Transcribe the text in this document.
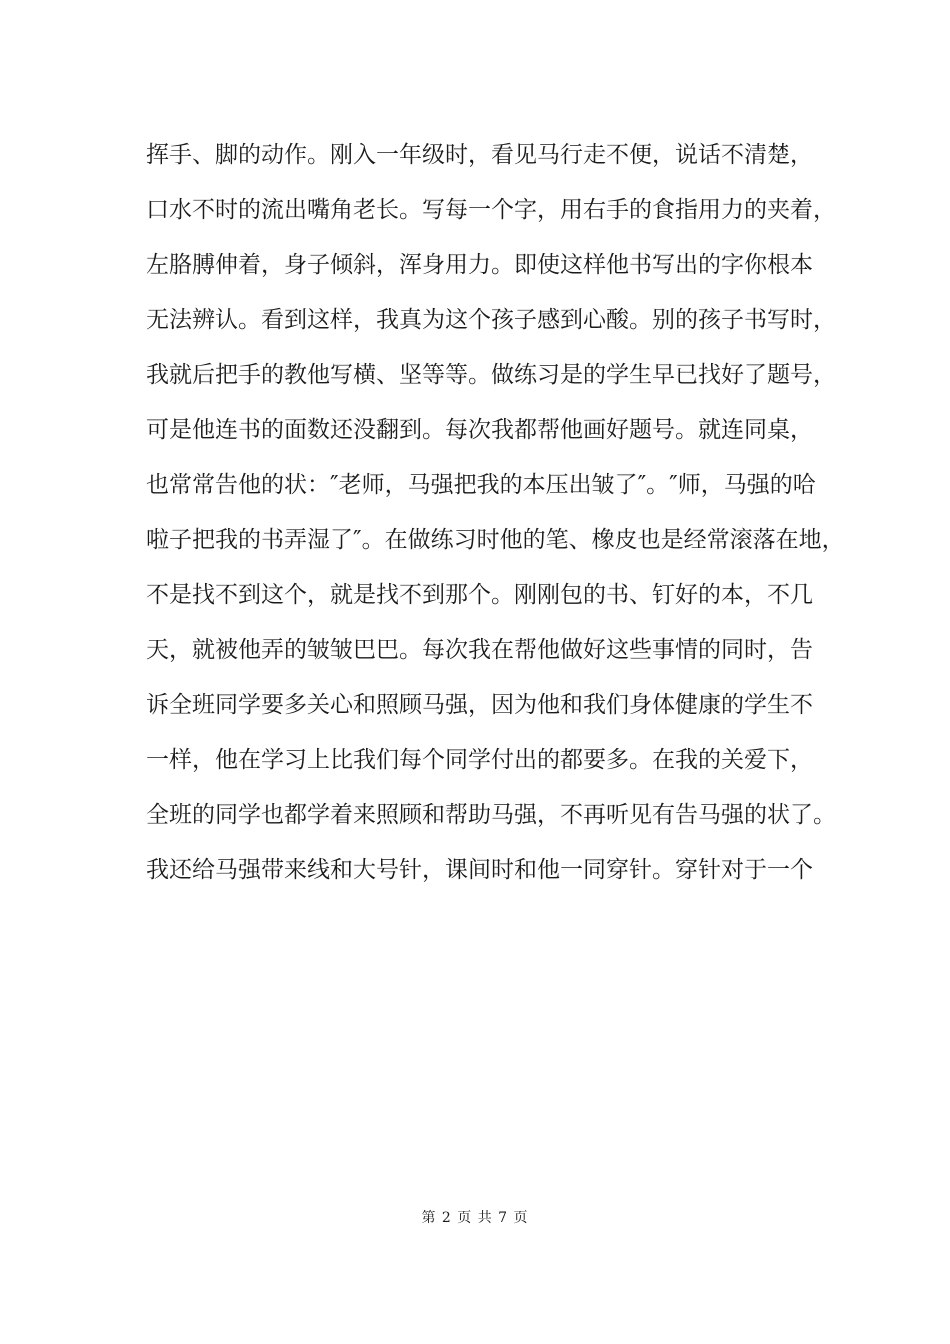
挥手、脚的动作。刚入一年级时，看见马行走不便，说话不清楚，
口水不时的流出嘴角老长。写每一个字，用右手的食指用力的夹着，
左胳膊伸着，身子倾斜，浑身用力。即使这样他书写出的字你根本
无法辨认。看到这样，我真为这个孩子感到心酸。别的孩子书写时，
我就后把手的教他写横、坚等等。做练习是的学生早已找好了题号，
可是他连书的面数还没翻到。每次我都帮他画好题号。就连同桌，
也常常告他的状：″老师，马强把我的本压出皱了″。″师，马强的哈
啦子把我的书弄湿了″。在做练习时他的笔、橡皮也是经常滚落在地，
不是找不到这个，就是找不到那个。刚刚包的书、钉好的本，不几
天，就被他弄的皱皱巴巴。每次我在帮他做好这些事情的同时，告
诉全班同学要多关心和照顾马强，因为他和我们身体健康的学生不
一样，他在学习上比我们每个同学付出的都要多。在我的关爱下，
全班的同学也都学着来照顾和帮助马强，不再听见有告马强的状了。
我还给马强带来线和大号针，课间时和他一同穿针。穿针对于一个
第 2 页 共 7 页
